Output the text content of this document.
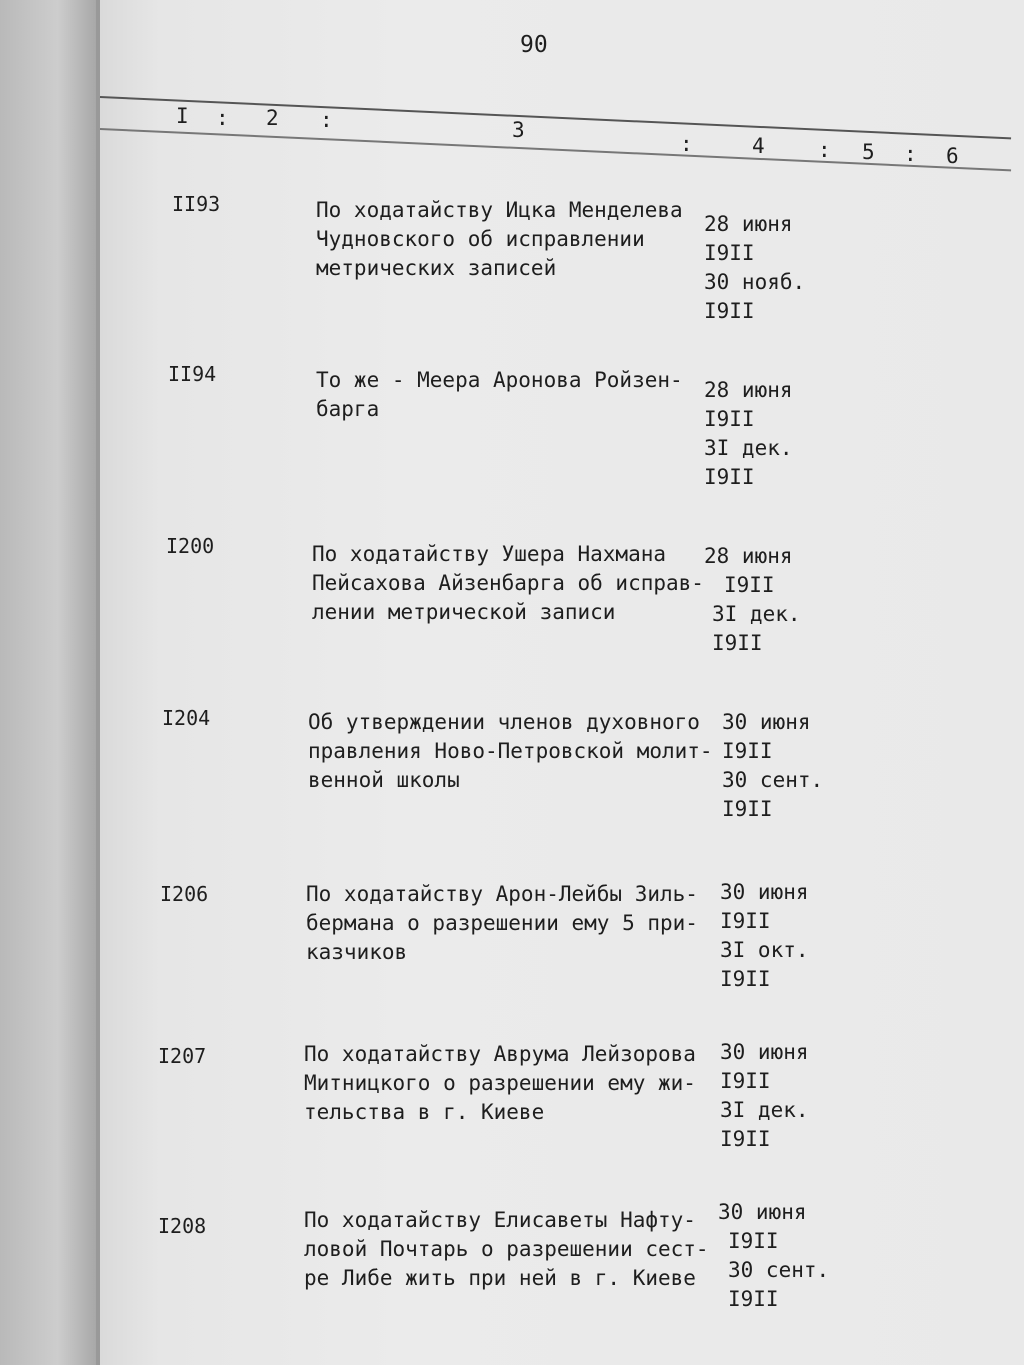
90
I : 2 :	3
:	4	: 5 : 6
II93	По ходатайству Ицка Менделева
Чудновского об исправлении
метрических записей
28 июня
I9II
30 нояб.
I9II
II94	То же - Меера Аронова Ройзен-
барга
28 июня
I9II
3I дек.
I9II
I200	По ходатайству Ушера Нахмана
Пейсахова Айзенбарга об исправ-
лении метрической записи
28 июня
I9II
3I дек.
I9II
I204	Об утверждении членов духовного
правления Ново-Петровской молит-
венной школы
30 июня
I9II
30 сент.
I9II
I206	По ходатайству Арон-Лейбы Зиль-
бермана о разрешении ему 5 при-
казчиков
30 июня
I9II
3I окт.
I9II
I207	По ходатайству Аврума Лейзорова
Митницкого о разрешении ему жи-
тельства в г. Киеве
30 июня
I9II
3I дек.
I9II
I208	По ходатайству Елисаветы Нафту-
ловой Почтарь о разрешении сест-
ре Либе жить при ней в г. Киеве
30 июня
I9II
30 сент.
I9II
